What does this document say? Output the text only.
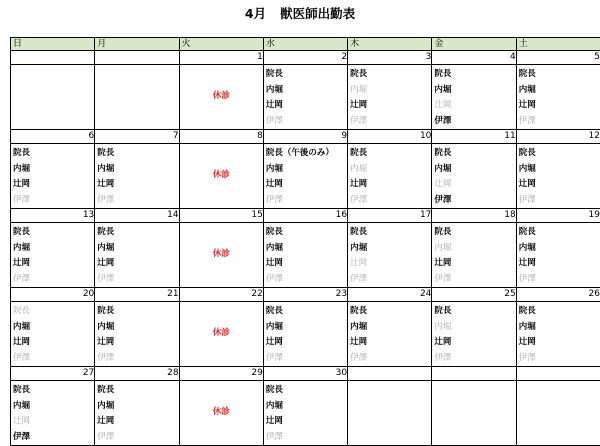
4月 獣医師出勤表
日	月	火	水	木	金	土
		1	2	3	4	5

		休診	院長
内堀
辻岡
伊澤	院長
内堀
辻岡
伊澤	院長
内堀
辻岡
伊澤	院長
内堀
辻岡
伊澤

6	7	8	9	10	11	12

院長
内堀
辻岡
伊澤	院長
内堀
辻岡
伊澤	休診	院長（午後のみ）
内堀
辻岡
伊澤	院長
内堀
辻岡
伊澤	院長
内堀
辻岡
伊澤	院長
内堀
辻岡
伊澤

13	14	15	16	17	18	19

院長
内堀
辻岡
伊澤	院長
内堀
辻岡
伊澤	休診	院長
内堀
辻岡
伊澤	院長
内堀
辻岡
伊澤	院長
内堀
辻岡
伊澤	院長
内堀
辻岡
伊澤

20	21	22	23	24	25	26

院長
内堀
辻岡
伊澤	院長
内堀
辻岡
伊澤	休診	院長
内堀
辻岡
伊澤	院長
内堀
辻岡
伊澤	院長
内堀
辻岡
伊澤	院長
内堀
辻岡
伊澤

27	28	29	30			

院長
内堀
辻岡
伊澤	院長
内堀
辻岡
伊澤	休診	院長
内堀
辻岡
伊澤			
